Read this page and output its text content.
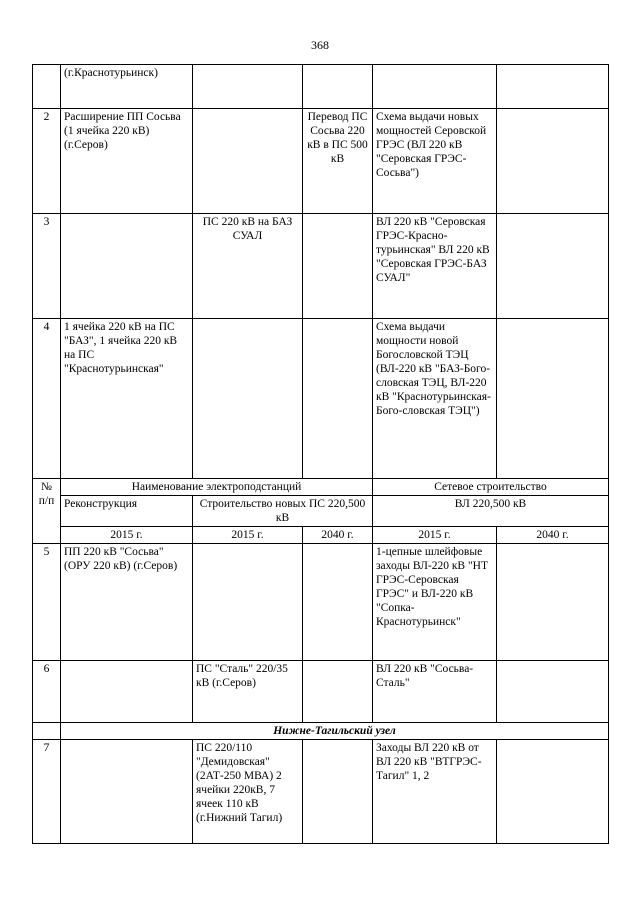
368
	(г.Краснотурьинск)				
2	Расширение ПП Сосьва (1 ячейка 220 кВ) (г.Серов)		Перевод ПС Сосьва 220 кВ в ПС 500 кВ	Схема выдачи новых мощностей Серовской ГРЭС (ВЛ 220 кВ "Серовская ГРЭС-Сосьва")	
3		ПС 220 кВ на БАЗ СУАЛ		ВЛ 220 кВ "Серовская ГРЭС-Красно-турьинская" ВЛ 220 кВ "Серовская ГРЭС-БАЗ СУАЛ"	
4	1 ячейка 220 кВ на ПС "БАЗ", 1 ячейка 220 кВ на ПС "Краснотурьинская"			Схема выдачи мощности новой Богословской ТЭЦ (ВЛ-220 кВ "БАЗ-Бого-словская ТЭЦ, ВЛ-220 кВ "Краснотурьинская-Бого-словская ТЭЦ")	
№
п/п	Наименование электроподстанций			Сетевое строительство	
	Реконструкция	Строительство новых ПС 220,500 кВ		ВЛ 220,500 кВ	
	2015 г.	2015 г.	2040 г.	2015 г.	2040 г.
5	ПП 220 кВ "Сосьва" (ОРУ 220 кВ) (г.Серов)			1-цепные шлейфовые заходы ВЛ-220 кВ "НТ ГРЭС-Серовская ГРЭС" и ВЛ-220 кВ "Сопка-Краснотурьинск"	
6		ПС "Сталь" 220/35 кВ (г.Серов)		ВЛ 220 кВ "Сосьва-Сталь"	
	Нижне-Тагильский узел				
7		ПС 220/110 "Демидовская" (2АТ-250 МВА) 2 ячейки 220кВ, 7 ячеек 110 кВ (г.Нижний Тагил)		Заходы ВЛ 220 кВ от ВЛ 220 кВ "ВТГРЭС-Тагил" 1, 2	
